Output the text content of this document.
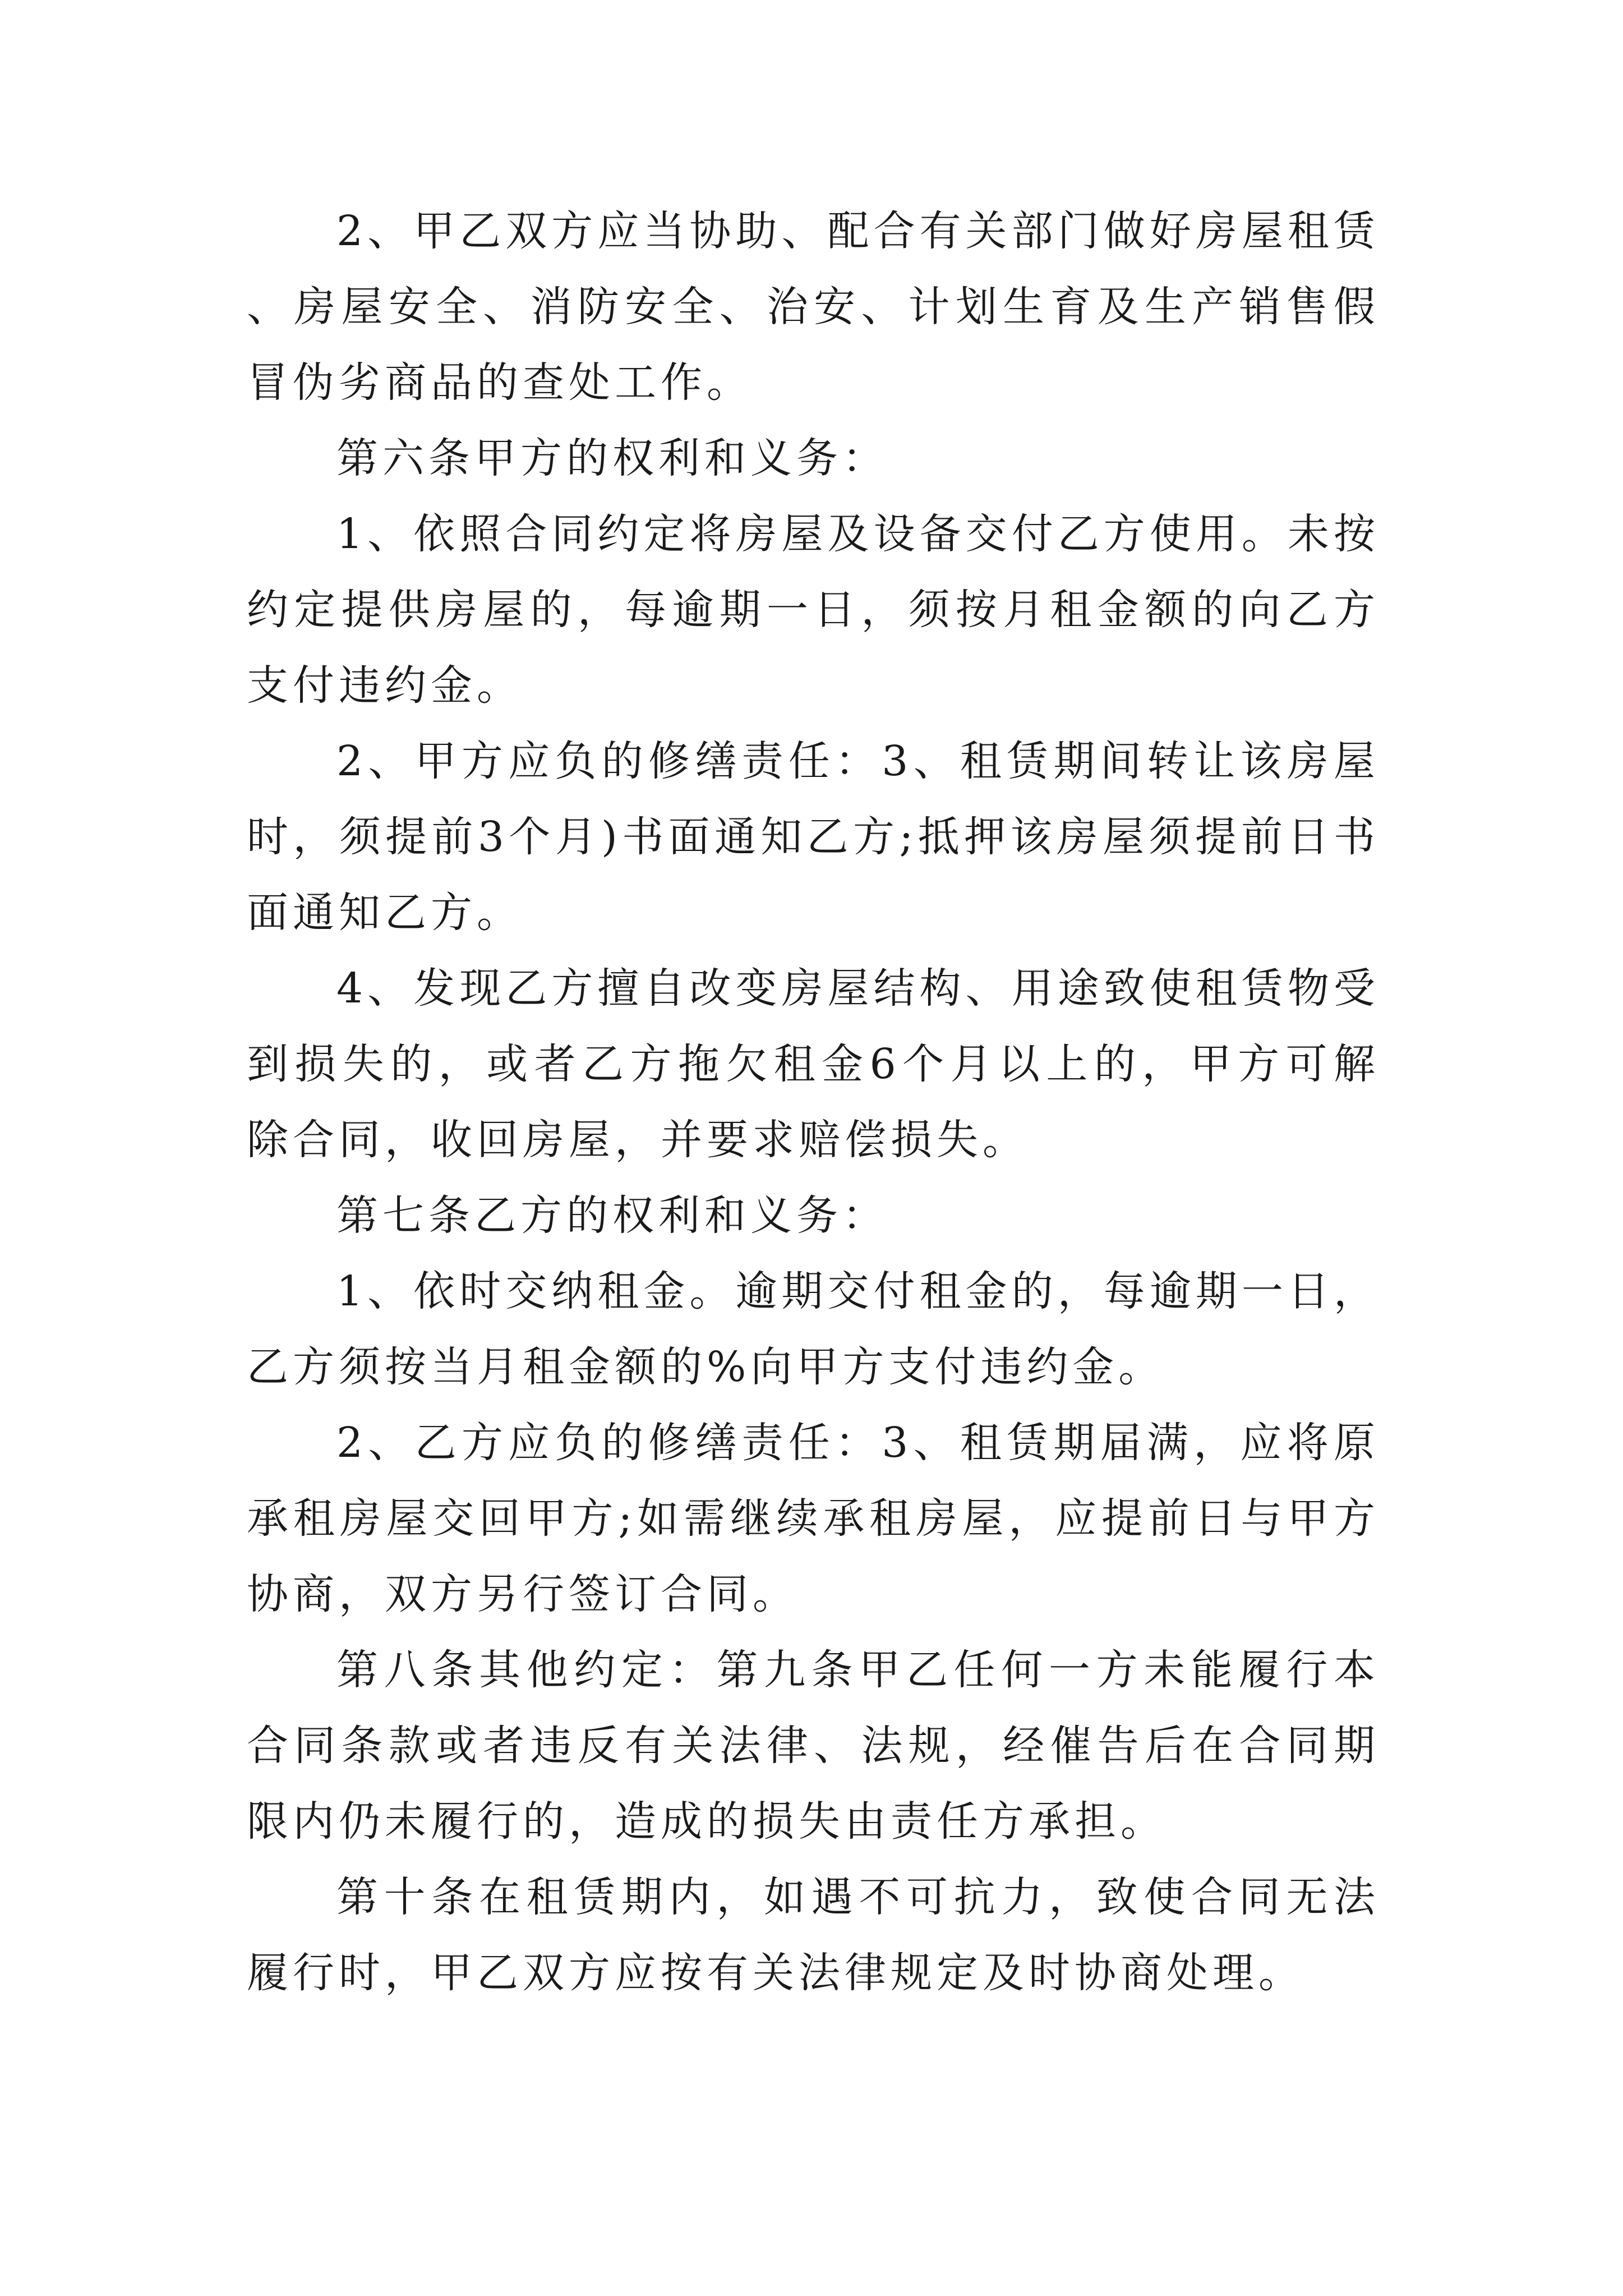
2、甲乙双方应当协助、配合有关部门做好房屋租赁、房屋安全、消防安全、治安、计划生育及生产销售假冒伪劣商品的查处工作。

第六条甲方的权利和义务：

1、依照合同约定将房屋及设备交付乙方使用。未按约定提供房屋的，每逾期一日，须按月租金额的向乙方支付违约金。

2、甲方应负的修缮责任：3、租赁期间转让该房屋时，须提前3个月)书面通知乙方;抵押该房屋须提前日书面通知乙方。

4、发现乙方擅自改变房屋结构、用途致使租赁物受到损失的，或者乙方拖欠租金6个月以上的，甲方可解除合同，收回房屋，并要求赔偿损失。

第七条乙方的权利和义务：

1、依时交纳租金。逾期交付租金的，每逾期一日，乙方须按当月租金额的%向甲方支付违约金。

2、乙方应负的修缮责任：3、租赁期届满，应将原承租房屋交回甲方;如需继续承租房屋，应提前日与甲方协商，双方另行签订合同。

第八条其他约定：第九条甲乙任何一方未能履行本合同条款或者违反有关法律、法规，经催告后在合同期限内仍未履行的，造成的损失由责任方承担。

第十条在租赁期内，如遇不可抗力，致使合同无法履行时，甲乙双方应按有关法律规定及时协商处理。
